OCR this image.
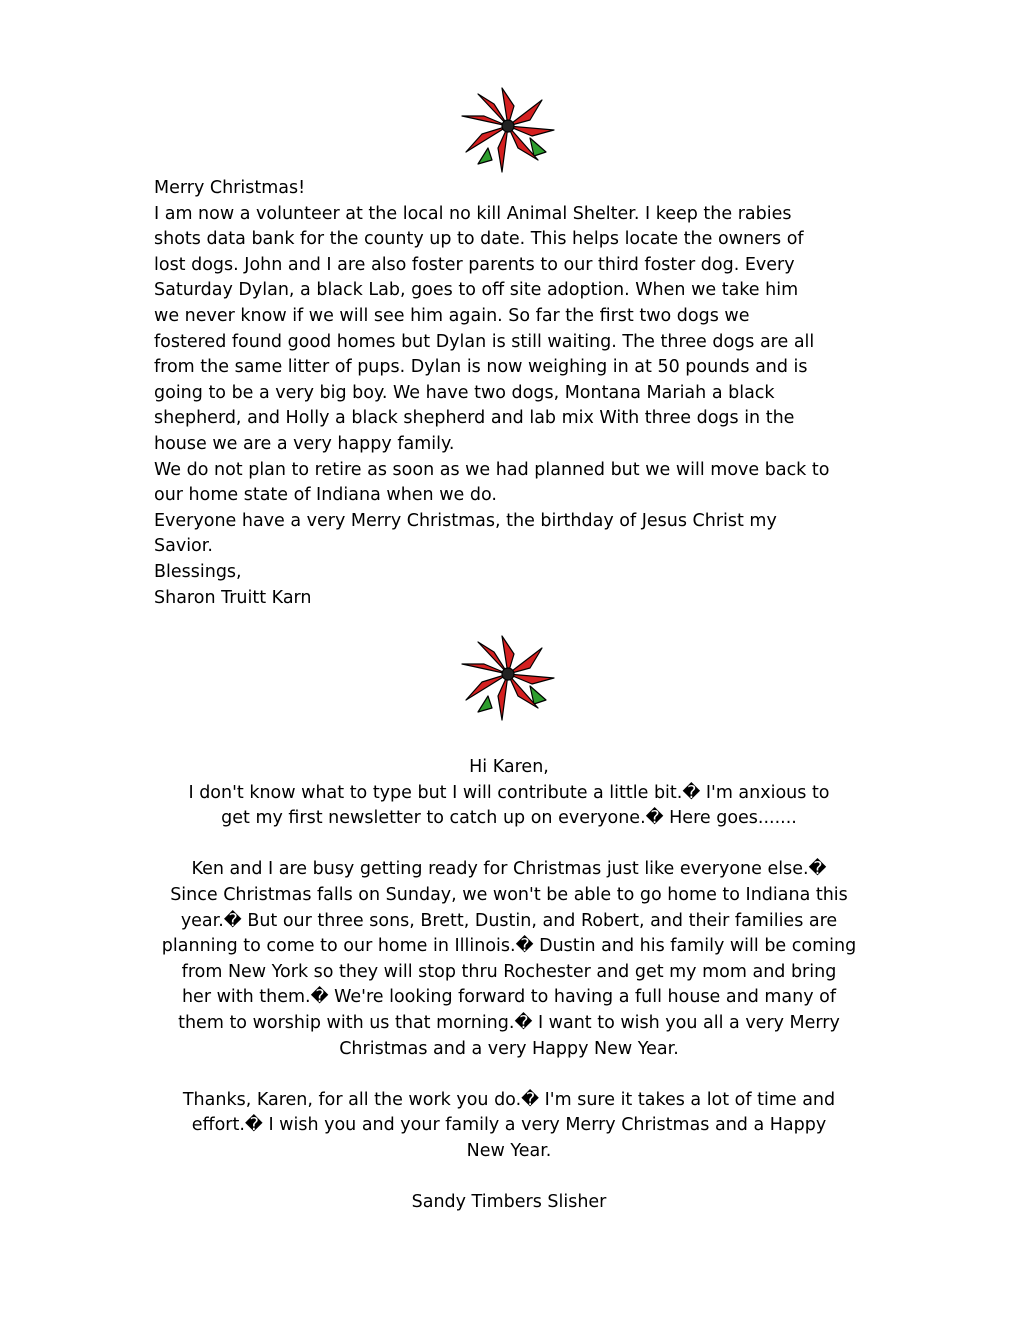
Merry Christmas!
I am now a volunteer at the local no kill Animal Shelter. I keep the rabies
shots data bank for the county up to date. This helps locate the owners of
lost dogs. John and I are also foster parents to our third foster dog. Every
Saturday Dylan, a black Lab, goes to off site adoption. When we take him
we never know if we will see him again. So far the first two dogs we
fostered found good homes but Dylan is still waiting. The three dogs are all
from the same litter of pups. Dylan is now weighing in at 50 pounds and is
going to be a very big boy. We have two dogs, Montana Mariah a black
shepherd, and Holly a black shepherd and lab mix With three dogs in the
house we are a very happy family.
We do not plan to retire as soon as we had planned but we will move back to
our home state of Indiana when we do.
Everyone have a very Merry Christmas, the birthday of Jesus Christ my
Savior.
Blessings,
Sharon Truitt Karn
Hi Karen,
I don't know what to type but I will contribute a little bit.� I'm anxious to
get my first newsletter to catch up on everyone.� Here goes.......
Ken and I are busy getting ready for Christmas just like everyone else.�
Since Christmas falls on Sunday, we won't be able to go home to Indiana this
year.� But our three sons, Brett, Dustin, and Robert, and their families are
planning to come to our home in Illinois.� Dustin and his family will be coming
from New York so they will stop thru Rochester and get my mom and bring
her with them.� We're looking forward to having a full house and many of
them to worship with us that morning.� I want to wish you all a very Merry
Christmas and a very Happy New Year.
Thanks, Karen, for all the work you do.� I'm sure it takes a lot of time and
effort.� I wish you and your family a very Merry Christmas and a Happy
New Year.
Sandy Timbers Slisher
